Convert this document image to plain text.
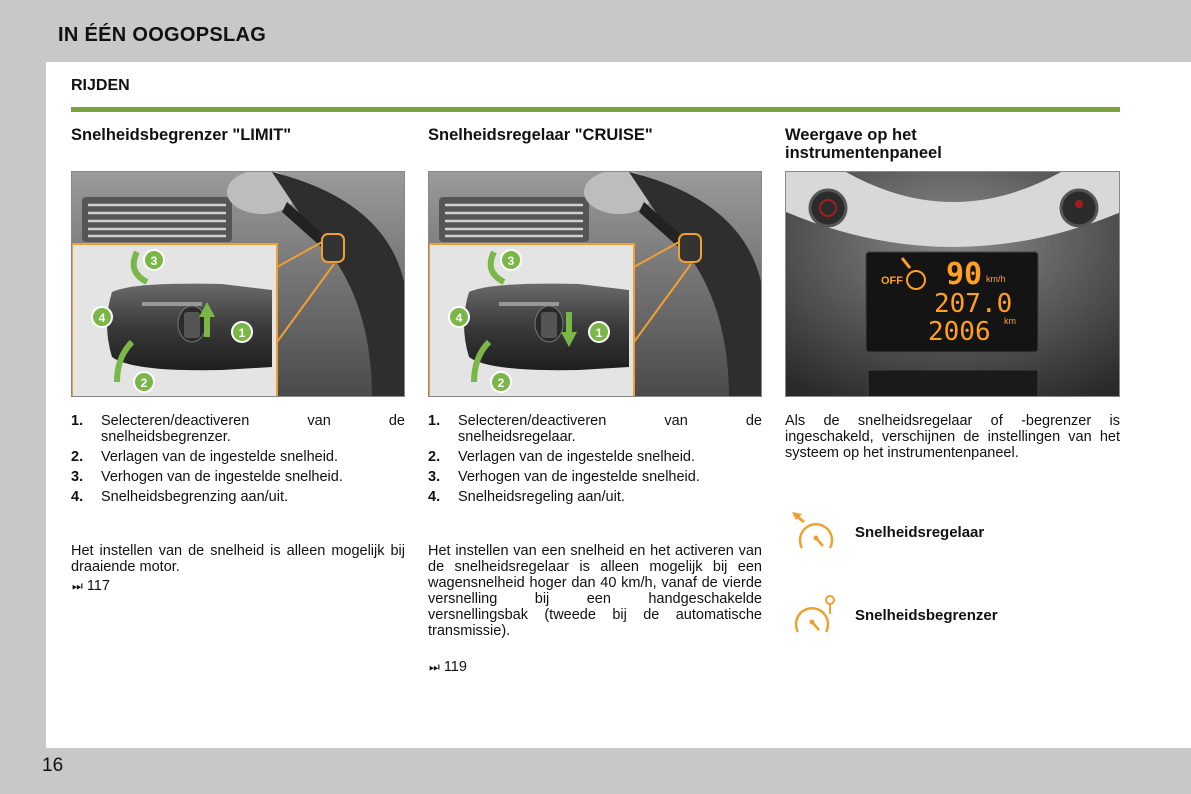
IN ÉÉN OOGOPSLAG
RIJDEN
Snelheidsbegrenzer "LIMIT"	Snelheidsregelaar "CRUISE"	Weergave op het instrumentenpaneel
3
4
1
2
3
4
1
2
OFF 90 km/h
207.0
2006 km
1. Selecteren/deactiveren van de snelheidsbegrenzer.
2. Verlagen van de ingestelde snelheid.
3. Verhogen van de ingestelde snelheid.
4. Snelheidsbegrenzing aan/uit.
Het instellen van de snelheid is alleen mogelijk bij draaiende motor.
⏭ 117
1. Selecteren/deactiveren van de snelheidsregelaar.
2. Verlagen van de ingestelde snelheid.
3. Verhogen van de ingestelde snelheid.
4. Snelheidsregeling aan/uit.
Het instellen van een snelheid en het activeren van de snelheidsregelaar is alleen mogelijk bij een wagensnelheid hoger dan 40 km/h, vanaf de vierde versnelling bij een handgeschakelde versnellingsbak (tweede bij de automatische transmissie).
⏭ 119
Als de snelheidsregelaar of -begrenzer is ingeschakeld, verschijnen de instellingen van het systeem op het instrumentenpaneel.
Snelheidsregelaar
Snelheidsbegrenzer
16
